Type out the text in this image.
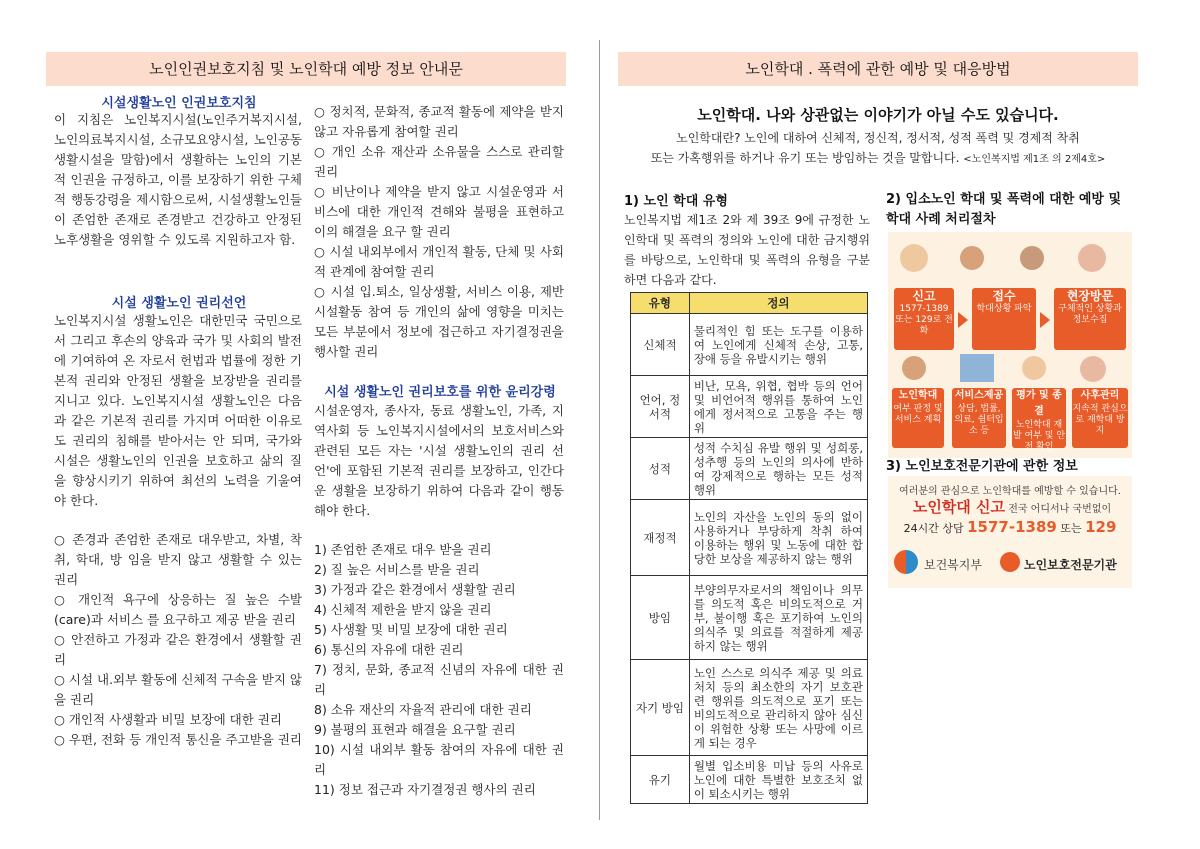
노인인권보호지침 및 노인학대 예방 정보 안내문
시설생활노인 인권보호지침

이 지침은 노인복지시설(노인주거복지시설, 노인의료복지시설, 소규모요양시설, 노인공동생활시설을 말함)에서 생활하는 노인의 기본적 인권을 규정하고, 이를 보장하기 위한 구체적 행동강령을 제시함으로써, 시설생활노인들이 존엄한 존재로 존경받고 건강하고 안정된 노후생활을 영위할 수 있도록 지원하고자 함.

시설 생활노인 권리선언

노인복지시설 생활노인은 대한민국 국민으로서 그리고 후손의 양육과 국가 및 사회의 발전에 기여하여 온 자로서 헌법과 법률에 정한 기본적 권리와 안정된 생활을 보장받을 권리를 지니고 있다. 노인복지시설 생활노인은 다음과 같은 기본적 권리를 가지며 어떠한 이유로도 권리의 침해를 받아서는 안 되며, 국가와 시설은 생활노인의 인권을 보호하고 삶의 질을 향상시키기 위하여 최선의 노력을 기울여야 한다.

○ 존경과 존엄한 존재로 대우받고, 차별, 착취, 학대, 방 임을 받지 않고 생활할 수 있는 권리

○ 개인적 욕구에 상응하는 질 높은 수발(care)과 서비스 를 요구하고 제공 받을 권리

○ 안전하고 가정과 같은 환경에서 생활할 권리

○ 시설 내.외부 활동에 신체적 구속을 받지 않을 권리

○ 개인적 사생활과 비밀 보장에 대한 권리

○ 우편, 전화 등 개인적 통신을 주고받을 권리

○ 정치적, 문화적, 종교적 활동에 제약을 받지 않고 자유롭게 참여할 권리

○ 개인 소유 재산과 소유물을 스스로 관리할 권리

○ 비난이나 제약을 받지 않고 시설운영과 서비스에 대한 개인적 견해와 불평을 표현하고 이의 해결을 요구 할 권리

○ 시설 내외부에서 개인적 활동, 단체 및 사회적 관계에 참여할 권리

○ 시설 입.퇴소, 일상생활, 서비스 이용, 제반 시설활동 참여 등 개인의 삶에 영향을 미치는 모든 부분에서 정보에 접근하고 자기결정권을 행사할 권리

시설 생활노인 권리보호를 위한 윤리강령

시설운영자, 종사자, 동료 생활노인, 가족, 지역사회 등 노인복지시설에서의 보호서비스와 관련된 모든 자는 '시설 생활노인의 권리 선언'에 포함된 기본적 권리를 보장하고, 인간다운 생활을 보장하기 위하여 다음과 같이 행동해야 한다.

1) 존엄한 존재로 대우 받을 권리

2) 질 높은 서비스를 받을 권리

3) 가정과 같은 환경에서 생활할 권리

4) 신체적 제한을 받지 않을 권리

5) 사생활 및 비밀 보장에 대한 권리

6) 통신의 자유에 대한 권리

7) 정치, 문화, 종교적 신념의 자유에 대한 권리

8) 소유 재산의 자율적 관리에 대한 권리

9) 불평의 표현과 해결을 요구할 권리

10) 시설 내외부 활동 참여의 자유에 대한 권리

11) 정보 접근과 자기결정권 행사의 권리

노인학대 . 폭력에 관한 예방 및 대응방법
노인학대. 나와 상관없는 이야기가 아닐 수도 있습니다.
노인학대란? 노인에 대하여 신체적, 정신적, 정서적, 성적 폭력 및 경제적 착취
또는 가혹행위를 하거나 유기 또는 방임하는 것을 말합니다. <노인복지법 제1조 의 2제4호>
1) 노인 학대 유형

노인복지법 제1조 2와 제 39조 9에 규정한 노인학대 및 폭력의 정의와 노인에 대한 금지행위를 바탕으로, 노인학대 및 폭력의 유형을 구분하면 다음과 같다.

유형	정의
신체적	물리적인 힘 또는 도구를 이용하여 노인에게 신체적 손상, 고통, 장애 등을 유발시키는 행위
언어, 정서적	비난, 모욕, 위협, 협박 등의 언어 및 비언어적 행위를 통하여 노인에게 정서적으로 고통을 주는 행위
성적	성적 수치심 유발 행위 및 성희롱, 성추행 등의 노인의 의사에 반하여 강제적으로 행하는 모든 성적 행위
재정적	노인의 자산을 노인의 동의 없이 사용하거나 부당하게 착취 하여 이용하는 행위 및 노동에 대한 합당한 보상을 제공하지 않는 행위
방임	부양의무자로서의 책임이나 의무를 의도적 혹은 비의도적으로 거부, 불이행 혹은 포기하여 노인의 의식주 및 의료를 적절하게 제공하지 않는 행위
자기 방임	노인 스스로 의식주 제공 및 의료 처치 등의 최소한의 자기 보호관련 행위를 의도적으로 포기 또는 비의도적으로 관리하지 않아 심신이 위험한 상황 또는 사망에 이르게 되는 경우
유기	월별 입소비용 미납 등의 사유로 노인에 대한 특별한 보호조치 없이 퇴소시키는 행위
2) 입소노인 학대 및 폭력에 대한 예방 및 학대 사례 처리절차
신고
1577-1389 또는 129로 전화
접수
학대상황 파악
현장방문
구체적인 상황과 정보수집
노인학대
여부 판정 및 서비스 계획
서비스제공
상담, 법률, 의료, 쉼터입소 등
평가 및 종결
노인학대 재발 여부 및 안전 확인
사후관리
지속적 관심으로 재학대 방지
3) 노인보호전문기관에 관한 정보
여러분의 관심으로 노인학대를 예방할 수 있습니다.
노인학대 신고 전국 어디서나 국번없이
24시간 상담 1577-1389 또는 129
보건복지부	노인보호전문기관
